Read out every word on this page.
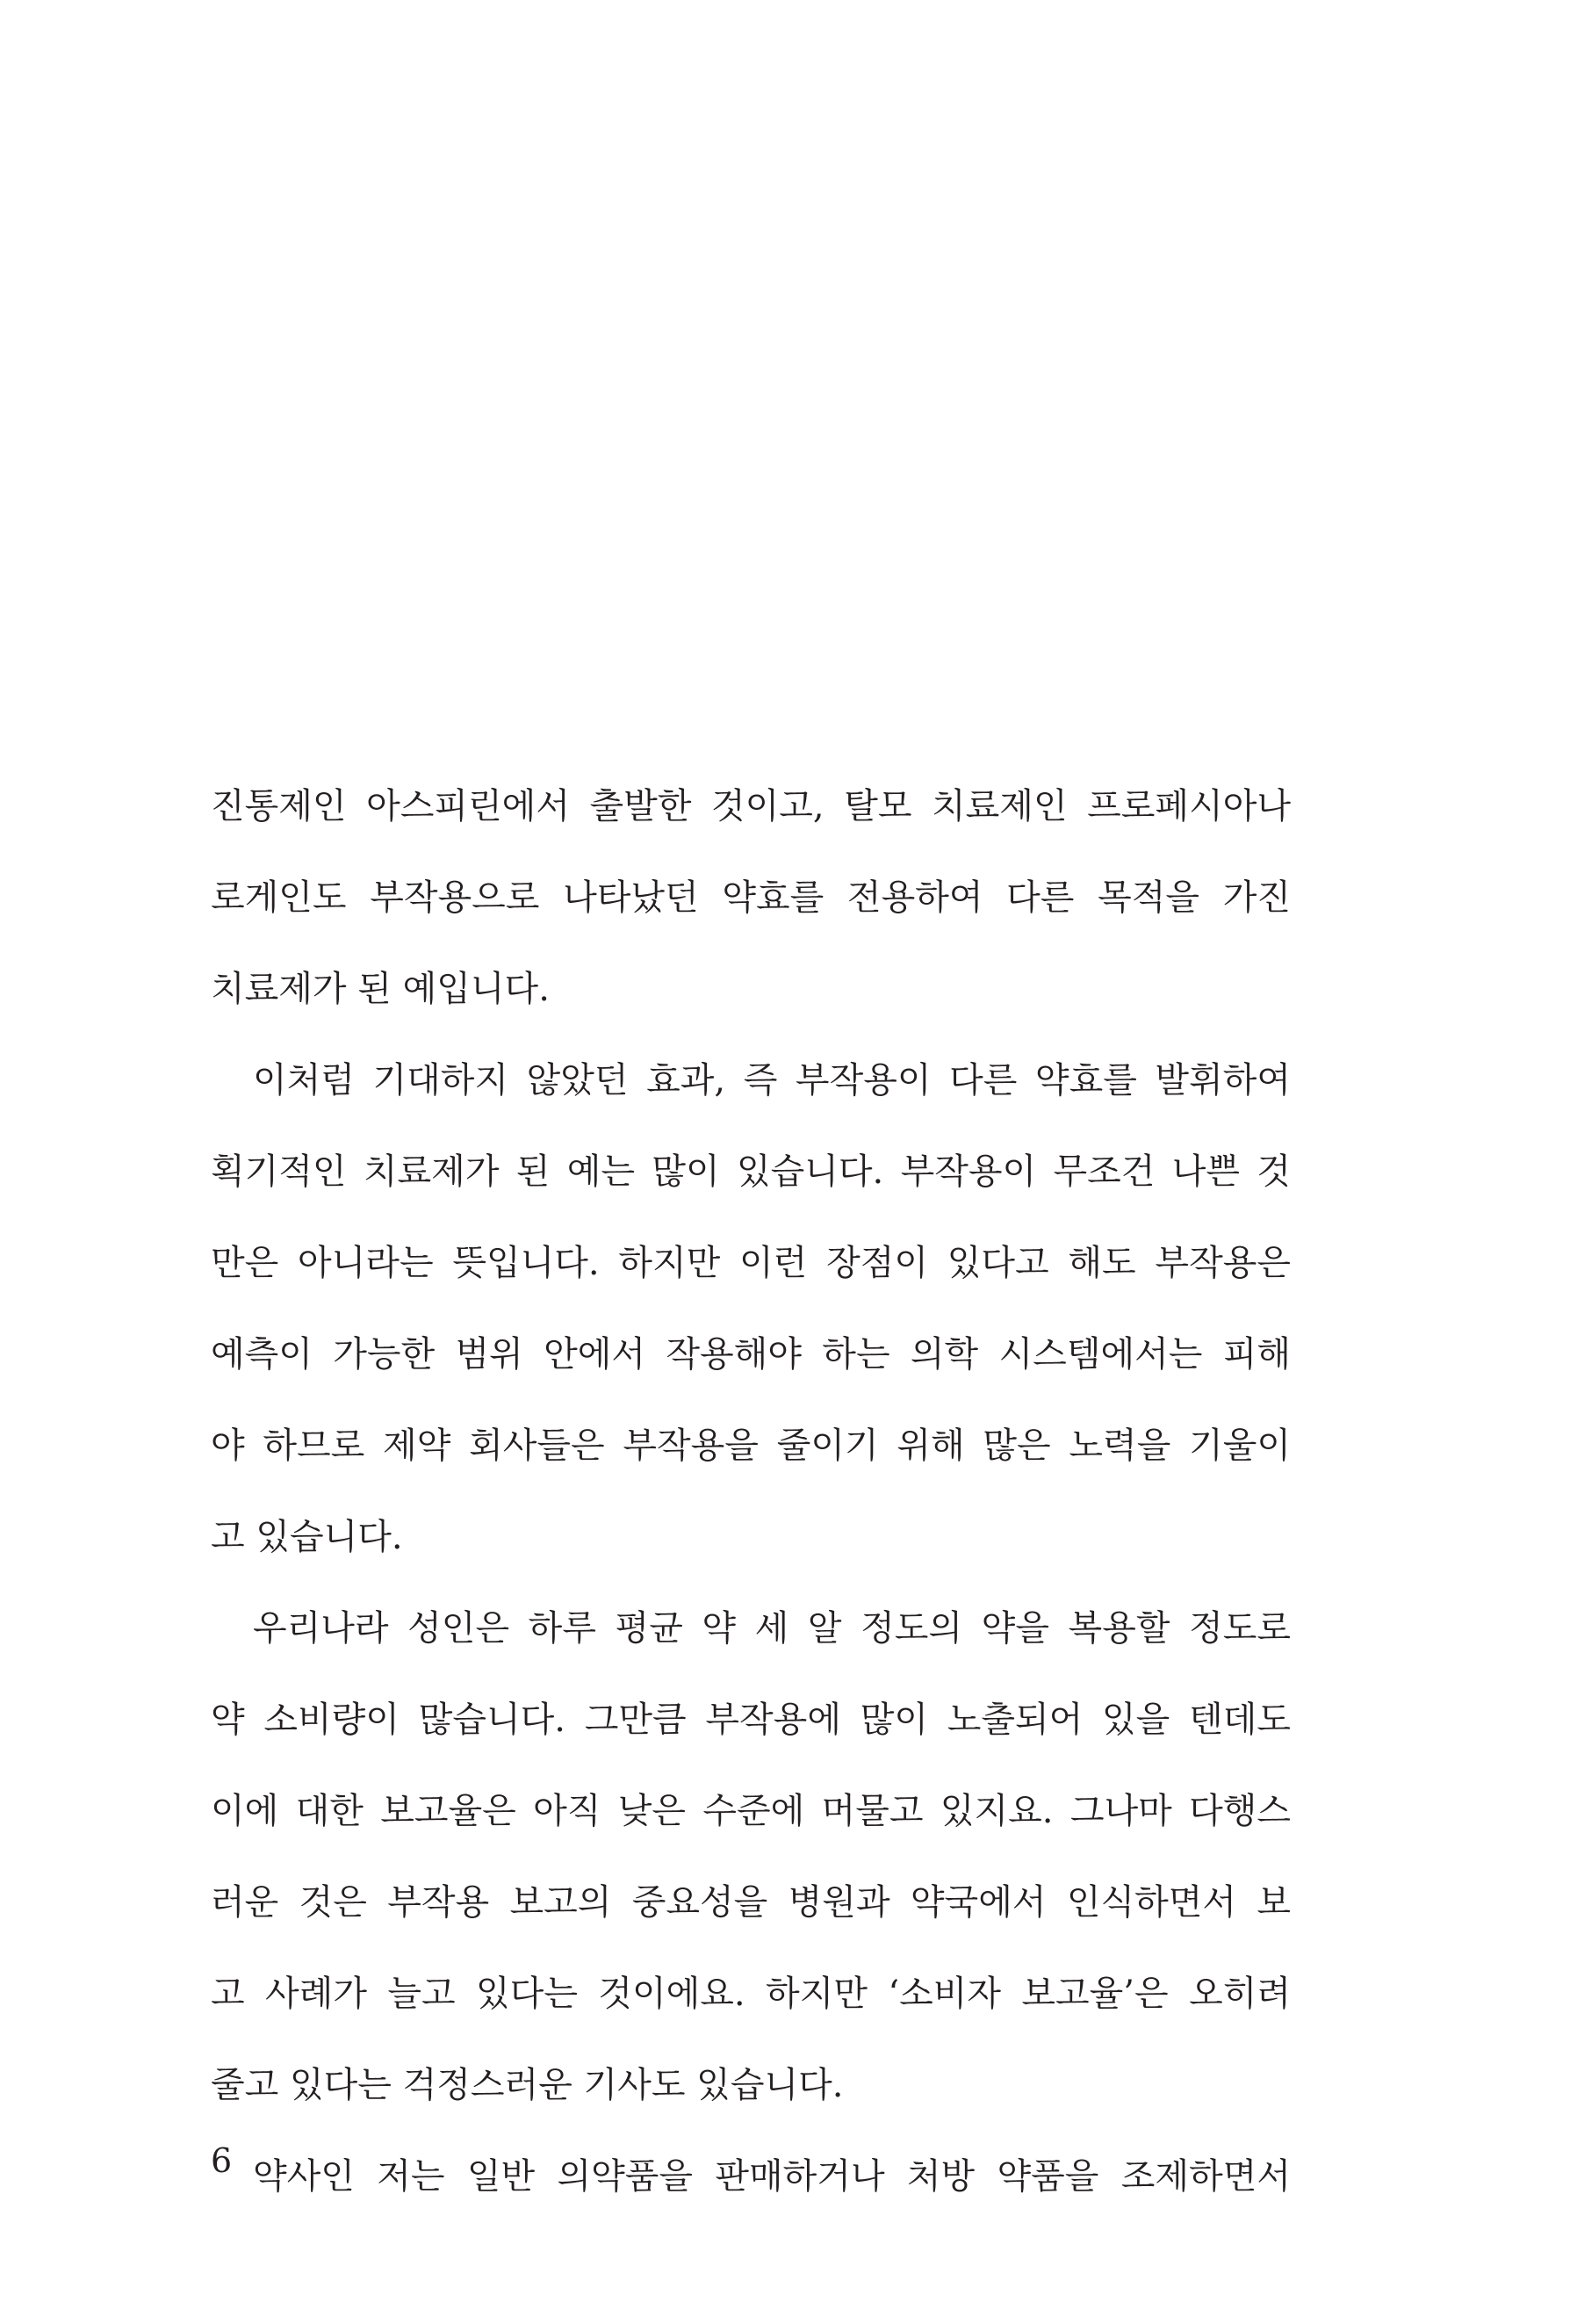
진통제인 아스피린에서 출발한 것이고, 탈모 치료제인 프로페시아나
로게인도 부작용으로 나타났던 약효를 전용하여 다른 목적을 가진
치료제가 된 예입니다.

이처럼 기대하지 않았던 효과, 즉 부작용이 다른 약효를 발휘하여
획기적인 치료제가 된 예는 많이 있습니다. 부작용이 무조건 나쁜 것
만은 아니라는 뜻입니다. 하지만 이런 장점이 있다고 해도 부작용은
예측이 가능한 범위 안에서 작용해야 하는 의학 시스템에서는 피해
야 하므로 제약 회사들은 부작용을 줄이기 위해 많은 노력을 기울이
고 있습니다.

우리나라 성인은 하루 평균 약 세 알 정도의 약을 복용할 정도로
약 소비량이 많습니다. 그만큼 부작용에 많이 노출되어 있을 텐데도
이에 대한 보고율은 아직 낮은 수준에 머물고 있지요. 그나마 다행스
러운 것은 부작용 보고의 중요성을 병원과 약국에서 인식하면서 보
고 사례가 늘고 있다는 것이에요. 하지만 ‘소비자 보고율’은 오히려
줄고 있다는 걱정스러운 기사도 있습니다.

약사인 저는 일반 의약품을 판매하거나 처방 약품을 조제하면서

6
